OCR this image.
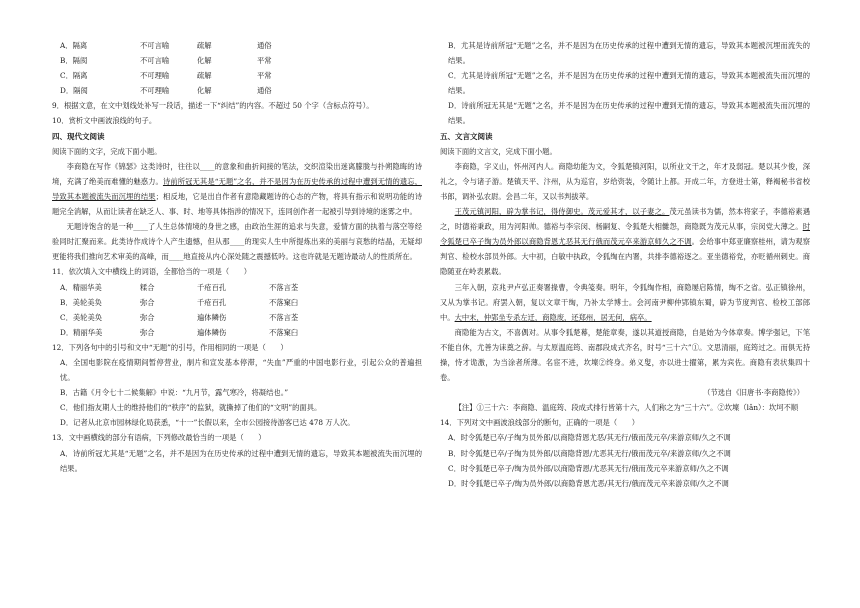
A．隔离	不可言喻	疏解	通俗
B．隔阂	不可言喻	化解	平常
C．隔离	不可理喻	疏解	平常
D．隔阂	不可理喻	化解	通俗

9．根据文意，在文中划线处补写一段话，描述一下“纠结”的内容。不超过 50 个字（含标点符号）。

10．赏析文中画波浪线的句子。

四、现代文阅读

阅读下面的文字，完成下面小题。

李商隐在写作《锦瑟》这类诗时，往往以____的意象和曲折间接的笔法，交织渲染出迷离朦胧与扑朔隐晦的诗境，充满了绝美而难懂的魅惑力。诗前所冠无其是“无题”之名，并不是因为在历史传承的过程中遭到无情的遗忘，导致其本题被流失而沉埋的结果；相反地，它是出自作者有意隐藏题诗的心态的产物，将具有指示和说明功能的诗题完全消解，从而让读者在缺乏人、事、时、地等具体指涉的情况下，连同创作者一起被引导到诗境的迷雾之中。

无题诗饱含的是一种____了人生总体情境的身世之感，由政治生涯的追求与失意，爱情方面的执着与落空等经验同时汇聚而来。此类诗作成诗个人产生遗憾，但从那____的现实人生中所提炼出来的美丽与哀愁的结晶，无疑却更能将我们推向艺术审美的高峰，而____地直接从内心深处随之震撼低吟。这也许就是无题诗最动人的性质所在。

11．依次填入文中横线上的词语，全都恰当的一项是（　　）

A．精丽华美	糅合	千疮百孔	不落言荃
B．美轮美奂	弥合	千疮百孔	不落窠臼
C．美轮美奂	弥合	遍体鳞伤	不落言荃
D．精丽华美	弥合	遍体鳞伤	不落窠臼

12．下列各句中的引号和文中“无题”的引号，作用相同的一项是（　　）

A．全国电影院在疫情期间暂停营业，制片和宣发基本停滞，“失血”严重的中国电影行业，引起公众的普遍担忧。

B．古籍《月令七十二候集解》中说：“九月节，露气寒冷，将凝结也。”

C．他们指友期人士的维持他们的“秩序”的监狱，就撕掉了他们的“文明”的面具。

D．记者从北京市园林绿化局获悉，“十一”长假以来，全市公园接待游客已达 478 万人次。

13．文中画横线的部分有语病，下列修改最恰当的一项是（　　）

A．诗前所冠尤其是“无题”之名，并不是因为在历史传承的过程中遭到无情的遗忘，导致其本题被流失而沉埋的结果。

B．尤其是诗前所冠“无题”之名，并不是因为在历史传承的过程中遭到无情的遗忘，导致其本题被沉埋而流失的结果。

C．尤其是诗前所冠“无题”之名，并不是因为在历史传承的过程中遭到无情的遗忘，导致其本题被流失而沉埋的结果。

D．诗前所冠无其是“无题”之名，并不是因为在历史传承的过程中遭到无情的遗忘，导致其本题被流失而沉埋的结果。

五、文言文阅读

阅读下面的文言文，完成下面小题。

李商隐，字义山，怀州河内人。商隐幼能为文，令狐楚镇河阳，以所业文干之，年才及弱冠。楚以其少俊，深礼之，令与诸子游。楚镇天平、汴州，从为巡官，岁给资装，令随计上都。开成二年，方登进士第，释褐秘书省校书郎，调补弘农尉。会昌二年，又以书判拔萃。

王茂元镇河阳，辟为掌书记，得侍御史。茂元爱其才，以子妻之。茂元虽读书为儒，然本将家子，李德裕素遇之，时德裕秉政，用为河阳帅。德裕与李宗闵、杨嗣复、令狐楚大相雠怨，商隐既为茂元从事，宗闵党大薄之。时令狐楚已卒子绹为员外郎以商隐背恩尤恶其无行俄而茂元卒来游京师久之不调。会给事中郑亚廉察桂州，请为观察判官、检校水部员外郎。大中初，白敏中执政，令狐绹在内署，共排李德裕逐之。亚坐德裕党，亦贬循州刺史。商隐随亚在岭表累载。

三年入朝，京兆尹卢弘正奏署掾曹，令典笺奏。明年，令狐绹作相，商隐屡启陈情，绹不之省。弘正镇徐州，又从为掌书记。府罢入朝，复以文章干绹，乃补太学博士。会河南尹柳仲郢镇东蜀，辟为节度判官、检校工部郎中。大中末，仲郢坐专杀左迁，商隐废，还郑州，居无何，病卒。

商隐能为古文，不喜偶对。从事令狐楚幕，楚能章奏，遂以其道授商隐，自是始为今体章奏。博学强记，下笔不能自休，尤善为诔奠之辞。与太原温庭筠、南郡段成式齐名，时号“三十六”①。文思清丽，庭筠过之。而俱无持操，恃才诡激，为当涂者所薄。名宦不进，坎壈②终身。弟义叟，亦以进士擢第，累为宾佐。商隐有表状集四十卷。

（节选自《旧唐书·李商隐传》）

【注】①三十六：李商隐、温庭筠、段成式排行皆第十六，人们称之为“三十六”。②坎壈（lǎn）：坎坷不顺

14．下列对文中画波浪线部分的断句，正确的一项是（　　）

A．时令狐楚已卒/子绹为员外郎/以商隐背恩尤恶/其无行/俄而茂元卒/来游京师/久之不调

B．时令狐楚已卒/子绹为员外郎/以商隐背恩/尤恶其无行/俄而茂元卒/来游京师/久之不调

C．时令狐楚已卒子/绹为员外郎/以商隐背恩/尤恶其无行/俄而茂元卒来游京师/久之不调

D．时令狐楚已卒子/绹为员外郎/以商隐背恩尤恶/其无行/俄而茂元卒来游京师/久之不调
